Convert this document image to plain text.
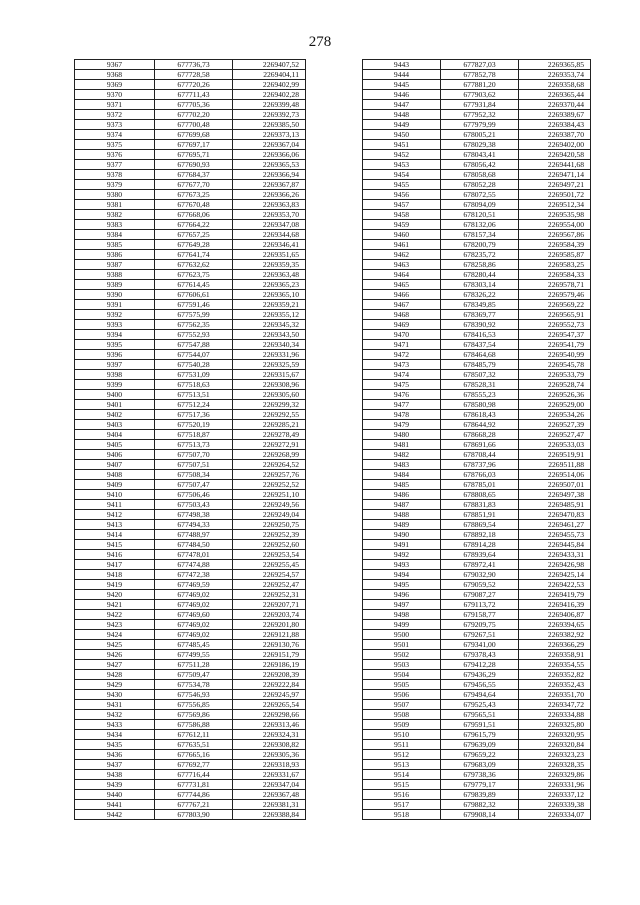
278
9367	677736,73	2269407,52
9368	677728,58	2269404,11
9369	677720,26	2269402,99
9370	677711,43	2269402,28
9371	677705,36	2269399,48
9372	677702,20	2269392,73
9373	677700,48	2269385,50
9374	677699,68	2269373,13
9375	677697,17	2269367,04
9376	677695,71	2269366,06
9377	677690,93	2269365,53
9378	677684,37	2269366,94
9379	677677,70	2269367,87
9380	677673,25	2269366,26
9381	677670,48	2269363,83
9382	677668,06	2269353,70
9383	677664,22	2269347,08
9384	677657,25	2269344,68
9385	677649,28	2269346,41
9386	677641,74	2269351,65
9387	677632,62	2269359,35
9388	677623,75	2269363,48
9389	677614,45	2269365,23
9390	677606,61	2269365,10
9391	677591,46	2269359,21
9392	677575,99	2269355,12
9393	677562,35	2269345,32
9394	677552,93	2269343,50
9395	677547,88	2269340,34
9396	677544,07	2269331,96
9397	677540,28	2269325,59
9398	677531,09	2269315,67
9399	677518,63	2269308,96
9400	677513,51	2269305,60
9401	677512,24	2269299,32
9402	677517,36	2269292,55
9403	677520,19	2269285,21
9404	677518,87	2269278,49
9405	677513,73	2269272,91
9406	677507,70	2269268,99
9407	677507,51	2269264,52
9408	677508,34	2269257,76
9409	677507,47	2269252,52
9410	677506,46	2269251,10
9411	677503,43	2269249,56
9412	677498,38	2269249,04
9413	677494,33	2269250,75
9414	677488,97	2269252,39
9415	677484,50	2269252,60
9416	677478,01	2269253,54
9417	677474,88	2269255,45
9418	677472,38	2269254,57
9419	677469,59	2269252,47
9420	677469,02	2269252,31
9421	677469,02	2269207,71
9422	677469,60	2269203,74
9423	677469,02	2269201,80
9424	677469,02	2269121,88
9425	677485,45	2269130,76
9426	677499,55	2269151,79
9427	677511,28	2269186,19
9428	677509,47	2269208,39
9429	677534,78	2269222,84
9430	677546,93	2269245,97
9431	677556,85	2269265,54
9432	677569,86	2269298,66
9433	677586,88	2269313,46
9434	677612,11	2269324,31
9435	677635,51	2269308,82
9436	677665,16	2269305,36
9437	677692,77	2269318,93
9438	677716,44	2269331,67
9439	677731,81	2269347,04
9440	677744,86	2269367,48
9441	677767,21	2269381,31
9442	677803,90	2269388,84
9443	677827,03	2269365,85
9444	677852,78	2269353,74
9445	677881,20	2269358,68
9446	677903,62	2269365,44
9447	677931,84	2269370,44
9448	677952,32	2269389,67
9449	677979,99	2269384,43
9450	678005,21	2269387,70
9451	678029,38	2269402,00
9452	678043,41	2269420,58
9453	678056,42	2269441,68
9454	678058,68	2269471,14
9455	678052,28	2269497,21
9456	678072,55	2269501,72
9457	678094,09	2269512,34
9458	678120,51	2269535,98
9459	678132,06	2269554,00
9460	678157,34	2269567,86
9461	678200,79	2269584,39
9462	678235,72	2269585,87
9463	678258,86	2269583,25
9464	678280,44	2269584,33
9465	678303,14	2269578,71
9466	678326,22	2269579,46
9467	678349,85	2269569,22
9468	678369,77	2269565,91
9469	678390,92	2269552,73
9470	678416,53	2269547,37
9471	678437,54	2269541,79
9472	678464,68	2269540,99
9473	678485,79	2269545,78
9474	678507,32	2269533,79
9475	678528,31	2269528,74
9476	678555,23	2269526,36
9477	678580,98	2269529,00
9478	678618,43	2269534,26
9479	678644,92	2269527,39
9480	678668,28	2269527,47
9481	678691,66	2269533,03
9482	678708,44	2269519,91
9483	678737,96	2269511,88
9484	678766,03	2269514,06
9485	678785,01	2269507,01
9486	678808,65	2269497,38
9487	678831,83	2269485,91
9488	678851,91	2269470,83
9489	678869,54	2269461,27
9490	678892,18	2269455,73
9491	678914,28	2269445,84
9492	678939,64	2269433,31
9493	678972,41	2269426,98
9494	679032,90	2269425,14
9495	679059,52	2269422,53
9496	679087,27	2269419,79
9497	679113,72	2269416,39
9498	679158,77	2269406,87
9499	679209,75	2269394,65
9500	679267,51	2269382,92
9501	679341,00	2269366,29
9502	679378,43	2269358,91
9503	679412,28	2269354,55
9504	679436,29	2269352,82
9505	679456,55	2269352,43
9506	679494,64	2269351,70
9507	679525,43	2269347,72
9508	679565,51	2269334,88
9509	679591,51	2269325,80
9510	679615,79	2269320,95
9511	679639,09	2269320,84
9512	679659,22	2269323,23
9513	679683,09	2269328,35
9514	679738,36	2269329,86
9515	679779,17	2269331,96
9516	679839,89	2269337,12
9517	679882,32	2269339,38
9518	679908,14	2269334,07
